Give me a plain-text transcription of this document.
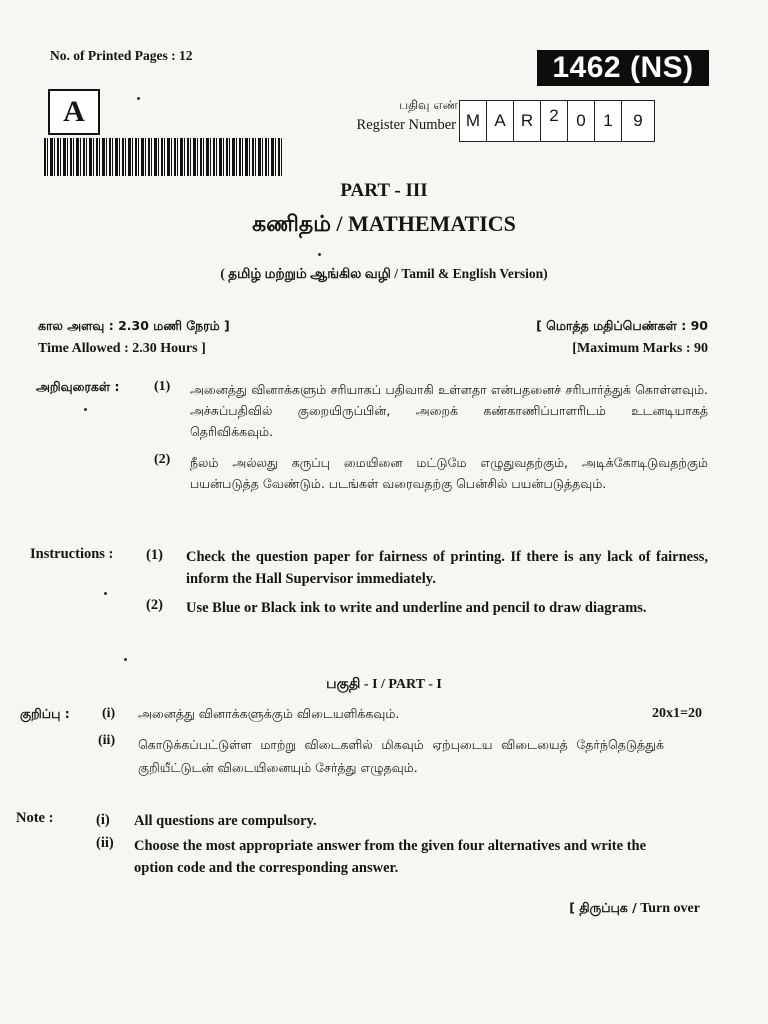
No. of Printed Pages : 12	1462 (NS)
A	பதிவு எண்
Register Number M A R 2	0	1	9
PART - III
கணிதம் / MATHEMATICS
( தமிழ் மற்றும் ஆங்கில வழி / Tamil & English Version)
கால அளவு : 2.30 மணி நேரம் ]
Time Allowed : 2.30 Hours ]
[ மொத்த மதிப்பெண்கள் : 90
[Maximum Marks : 90
அறிவுரைகள் : (1) அனைத்து வினாக்களும் சரியாகப் பதிவாகி உள்ளதா என்பதனைச் சரிபார்த்துக் கொள்ளவும். அச்சுப்பதிவில் குறையிருப்பின், அறைக் கண்காணிப்பாளரிடம் உடனடியாகத் தெரிவிக்கவும்.
(2) நீலம் அல்லது கருப்பு மையினை மட்டுமே எழுதுவதற்கும், அடிக்கோடிடுவதற்கும் பயன்படுத்த வேண்டும். படங்கள் வரைவதற்கு பென்சில் பயன்படுத்தவும்.
Instructions : (1) Check the question paper for fairness of printing. If there is any lack of fairness, inform the Hall Supervisor immediately.
(2) Use Blue or Black ink to write and underline and pencil to draw diagrams.
பகுதி - I / PART - I
குறிப்பு : (i) அனைத்து வினாக்களுக்கும் விடையளிக்கவும்.	20x1=20
(ii) கொடுக்கப்பட்டுள்ள மாற்று விடைகளில் மிகவும் ஏற்புடைய விடையைத் தேர்ந்தெடுத்துக் குறியீட்டுடன் விடையினையும் சேர்த்து எழுதவும்.
Note :	(i) All questions are compulsory.
(ii) Choose the most appropriate answer from the given four alternatives and write the option code and the corresponding answer.
[ திருப்புக / Turn over
